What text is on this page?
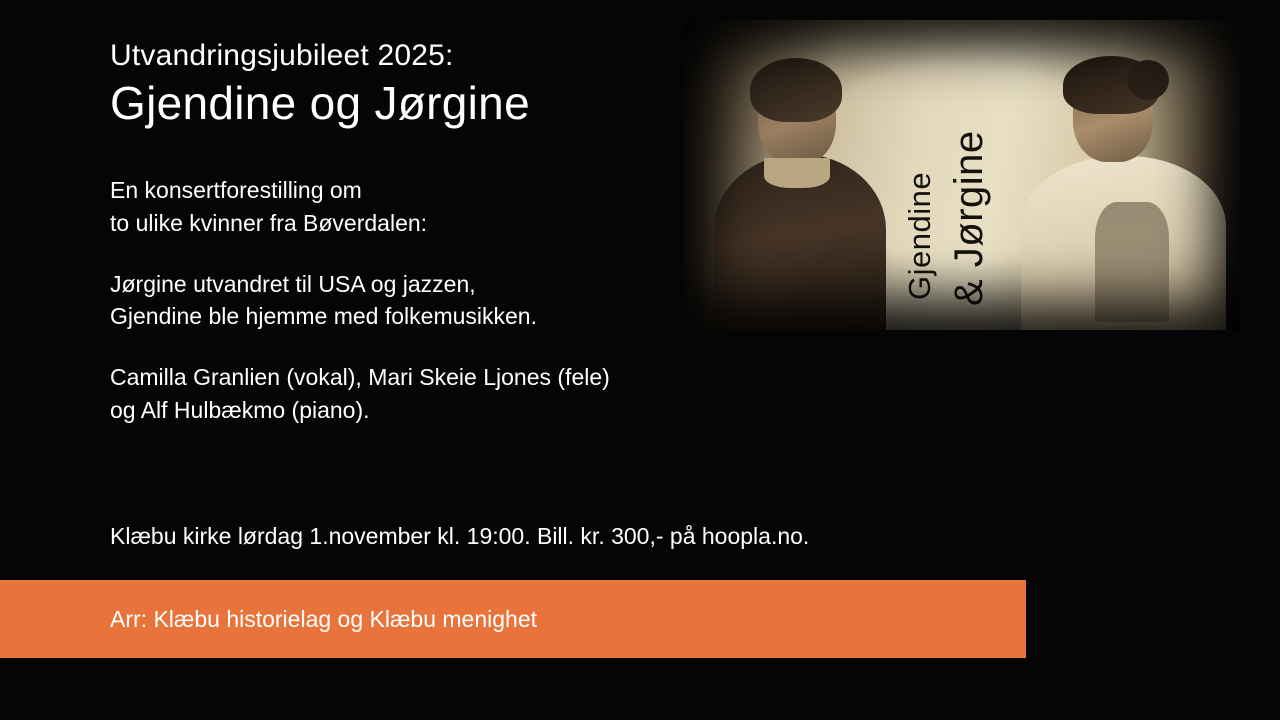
Utvandringsjubileet 2025:

Gjendine og Jørgine

En konsertforestilling om

to ulike kvinner fra Bøverdalen:

Jørgine utvandret til USA og jazzen,

Gjendine ble hjemme med folkemusikken.

Camilla Granlien (vokal), Mari Skeie Ljones (fele)

og Alf Hulbækmo (piano).

Klæbu kirke lørdag 1.november kl. 19:00. Bill. kr. 300,- på hoopla.no.

Arr: Klæbu historielag og Klæbu menighet
Gjendine & Jørgine
